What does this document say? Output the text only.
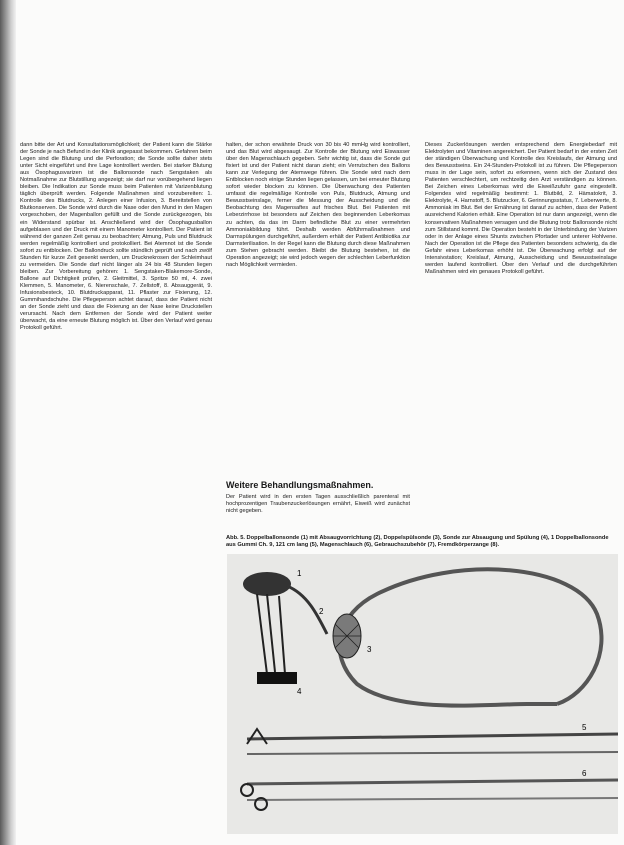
dann bitte der Art und Konsultationsmöglichkeit; der Patient kann die Stärke der Sonde je nach Befund in der Klinik angepasst bekommen. Gefahren beim Legen sind die Blutung und die Perforation; die Sonde sollte daher stets unter Sicht eingeführt und ihre Lage kontrolliert werden. Bei starker Blutung aus Ösophagusvarizen ist die Ballonsonde nach Sengstaken als Notmaßnahme zur Blutstillung angezeigt; sie darf nur vorübergehend liegen bleiben. Die Indikation zur Sonde muss beim Patienten mit Varizenblutung täglich überprüft werden. Folgende Maßnahmen sind vorzubereiten: 1. Kontrolle des Blutdrucks, 2. Anlegen einer Infusion, 3. Bereitstellen von Blutkonserven. Die Sonde wird durch die Nase oder den Mund in den Magen vorgeschoben, der Magenballon gefüllt und die Sonde zurückgezogen, bis ein Widerstand spürbar ist. Anschließend wird der Ösophagusballon aufgeblasen und der Druck mit einem Manometer kontrolliert. Der Patient ist während der ganzen Zeit genau zu beobachten; Atmung, Puls und Blutdruck werden regelmäßig kontrolliert und protokolliert. Bei Atemnot ist die Sonde sofort zu entblocken. Der Ballondruck sollte stündlich geprüft und nach zwölf Stunden für kurze Zeit gesenkt werden, um Drucknekrosen der Schleimhaut zu vermeiden. Die Sonde darf nicht länger als 24 bis 48 Stunden liegen bleiben. Zur Vorbereitung gehören: 1. Sengstaken-Blakemore-Sonde, Ballone auf Dichtigkeit prüfen, 2. Gleitmittel, 3. Spritze 50 ml, 4. zwei Klemmen, 5. Manometer, 6. Nierenschale, 7. Zellstoff, 8. Absauggerät, 9. Infusionsbesteck, 10. Blutdruckapparat, 11. Pflaster zur Fixierung, 12. Gummihandschuhe. Die Pflegeperson achtet darauf, dass der Patient nicht an der Sonde zieht und dass die Fixierung an der Nase keine Druckstellen verursacht. Nach dem Entfernen der Sonde wird der Patient weiter überwacht, da eine erneute Blutung möglich ist. Über den Verlauf wird genau Protokoll geführt.

halten, der schon erwähnte Druck von 30 bis 40 mmHg wird kontrolliert, und das Blut wird abgesaugt. Zur Kontrolle der Blutung wird Eiswasser über den Magenschlauch gegeben. Sehr wichtig ist, dass die Sonde gut fixiert ist und der Patient nicht daran zieht; ein Verrutschen des Ballons kann zur Verlegung der Atemwege führen. Die Sonde wird nach dem Entblocken noch einige Stunden liegen gelassen, um bei erneuter Blutung sofort wieder blocken zu können. Die Überwachung des Patienten umfasst die regelmäßige Kontrolle von Puls, Blutdruck, Atmung und Bewusstseinslage, ferner die Messung der Ausscheidung und die Beobachtung des Magensaftes auf frisches Blut. Bei Patienten mit Leberzirrhose ist besonders auf Zeichen des beginnenden Leberkomas zu achten, da das im Darm befindliche Blut zu einer vermehrten Ammoniakbildung führt. Deshalb werden Abführmaßnahmen und Darmspülungen durchgeführt, außerdem erhält der Patient Antibiotika zur Darmsterilisation. In der Regel kann die Blutung durch diese Maßnahmen zum Stehen gebracht werden. Bleibt die Blutung bestehen, ist die Operation angezeigt; sie wird jedoch wegen der schlechten Leberfunktion nach Möglichkeit vermieden.

Weitere Behandlungsmaßnahmen.

Der Patient wird in den ersten Tagen ausschließlich parenteral mit hochprozentigen Traubenzuckerlösungen ernährt, Eiweiß wird zunächst nicht gegeben.

Dieses Zuckerlösungen werden entsprechend dem Energiebedarf mit Elektrolyten und Vitaminen angereichert. Der Patient bedarf in der ersten Zeit der ständigen Überwachung und Kontrolle des Kreislaufs, der Atmung und des Bewusstseins. Ein 24-Stunden-Protokoll ist zu führen. Die Pflegeperson muss in der Lage sein, sofort zu erkennen, wenn sich der Zustand des Patienten verschlechtert, um rechtzeitig den Arzt verständigen zu können. Bei Zeichen eines Leberkomas wird die Eiweißzufuhr ganz eingestellt. Folgendes wird regelmäßig bestimmt: 1. Blutbild, 2. Hämatokrit, 3. Elektrolyte, 4. Harnstoff, 5. Blutzucker, 6. Gerinnungsstatus, 7. Leberwerte, 8. Ammoniak im Blut. Bei der Ernährung ist darauf zu achten, dass der Patient ausreichend Kalorien erhält. Eine Operation ist nur dann angezeigt, wenn die konservativen Maßnahmen versagen und die Blutung trotz Ballonsonde nicht zum Stillstand kommt. Die Operation besteht in der Unterbindung der Varizen oder in der Anlage eines Shunts zwischen Pfortader und unterer Hohlvene. Nach der Operation ist die Pflege des Patienten besonders schwierig, da die Gefahr eines Leberkomas erhöht ist. Die Überwachung erfolgt auf der Intensivstation; Kreislauf, Atmung, Ausscheidung und Bewusstseinslage werden laufend kontrolliert. Über den Verlauf und die durchgeführten Maßnahmen wird ein genaues Protokoll geführt.

Abb. 5. Doppelballonsonde (1) mit Absaugvorrichtung (2), Doppelspülsonde (3), Sonde zur Absaugung und Spülung (4), 1 Doppelballonsonde aus Gummi Ch. 9, 121 cm lang (5), Magenschlauch (6), Gebrauchszubehör (7), Fremdkörperzange (8).

1
2
3
4
5
6
